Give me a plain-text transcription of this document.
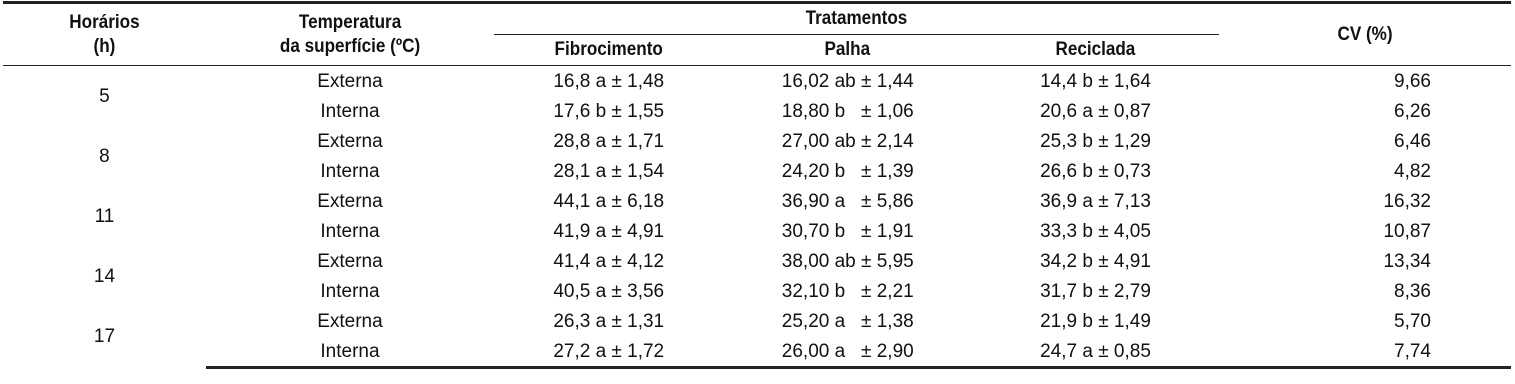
Horários
(h)	Temperatura
da superfície (ºC)	Tratamentos			CV (%)
		Fibrocimento	Palha	Reciclada	
5	Externa	16,8 a ± 1,48	16,02 ab ± 1,44	14,4 b ± 1,64	9,66
	Interna	17,6 b ± 1,55	18,80 b   ± 1,06	20,6 a ± 0,87	6,26
8	Externa	28,8 a ± 1,71	27,00 ab ± 2,14	25,3 b ± 1,29	6,46
	Interna	28,1 a ± 1,54	24,20 b   ± 1,39	26,6 b ± 0,73	4,82
11	Externa	44,1 a ± 6,18	36,90 a   ± 5,86	36,9 a ± 7,13	16,32
	Interna	41,9 a ± 4,91	30,70 b   ± 1,91	33,3 b ± 4,05	10,87
14	Externa	41,4 a ± 4,12	38,00 ab ± 5,95	34,2 b ± 4,91	13,34
	Interna	40,5 a ± 3,56	32,10 b   ± 2,21	31,7 b ± 2,79	8,36
17	Externa	26,3 a ± 1,31	25,20 a   ± 1,38	21,9 b ± 1,49	5,70
	Interna	27,2 a ± 1,72	26,00 a   ± 2,90	24,7 a ± 0,85	7,74
